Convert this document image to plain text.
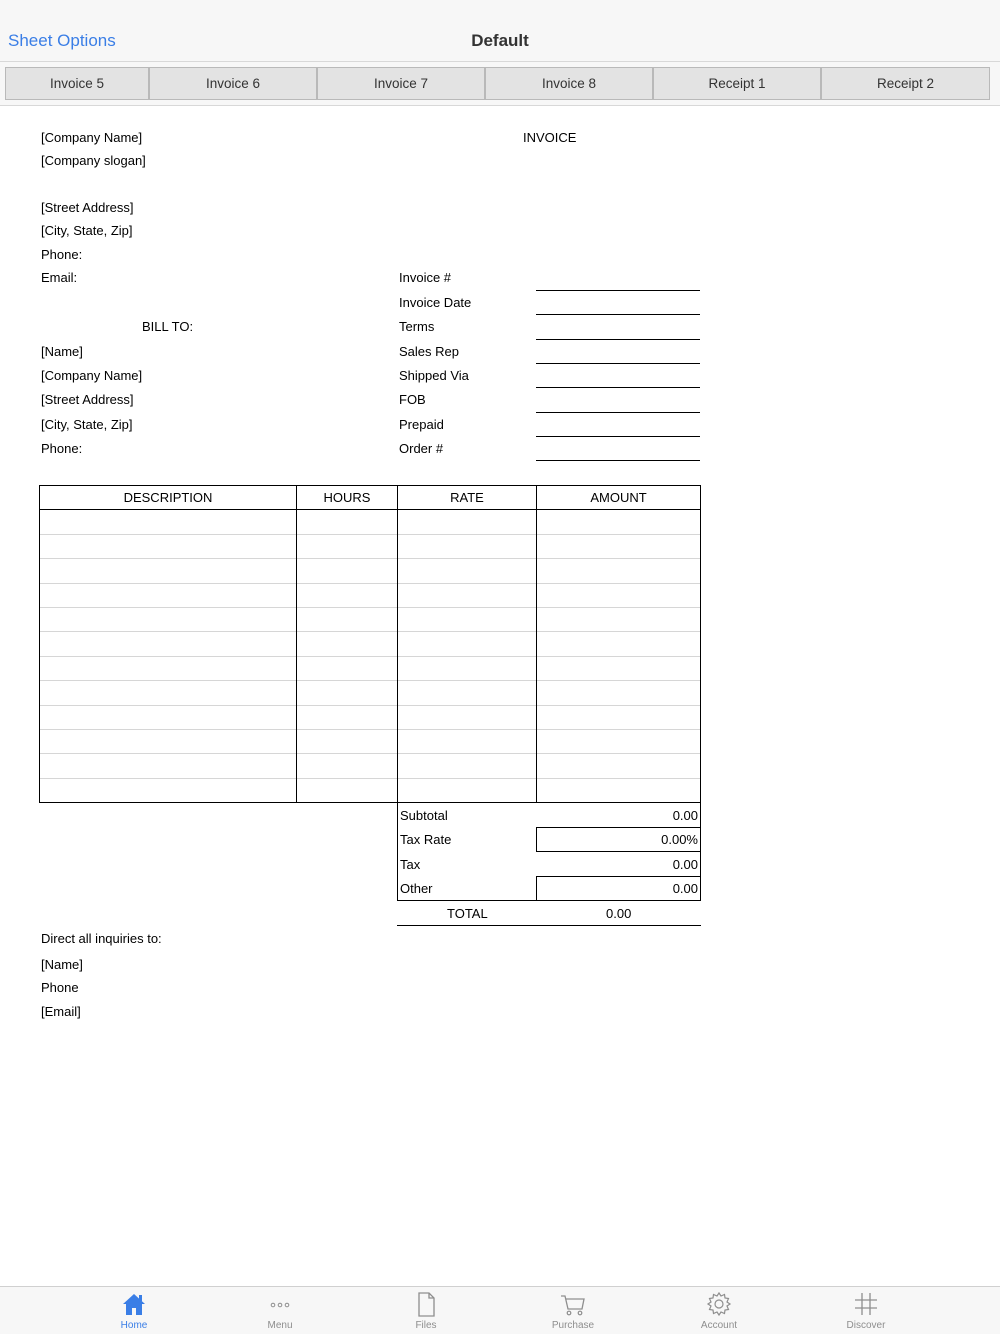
Sheet Options	Default
Invoice 5	Invoice 6	Invoice 7	Invoice 8	Receipt 1	Receipt 2
[Company Name]	INVOICE
[Company slogan]
[Street Address]
[City, State, Zip]
Phone:
Email:	Invoice #
Invoice Date
Terms
Sales Rep
Shipped Via
FOB
Prepaid
Order #
BILL TO:
[Name]
[Company Name]
[Street Address]
[City, State, Zip]
Phone:
DESCRIPTION	HOURS	RATE	AMOUNT
Subtotal	0.00
Tax Rate	0.00%
Tax	0.00
Other	0.00
TOTAL	0.00
Direct all inquiries to:
[Name]
Phone
[Email]
Home	Menu	Files	Purchase	Account	Discover
